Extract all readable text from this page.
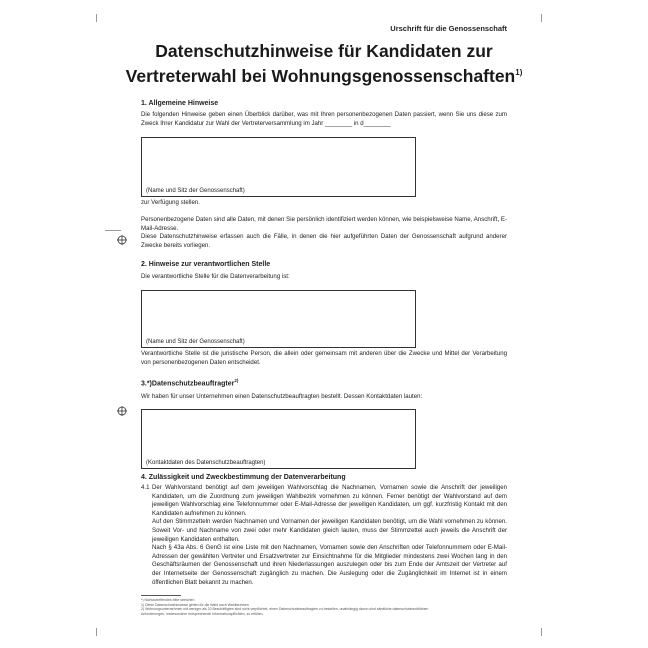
Urschrift für die Genossenschaft
Datenschutzhinweise für Kandidaten zur
Vertreterwahl bei Wohnungsgenossenschaften$^{1)}$
1. Allgemeine Hinweise
Die folgenden Hinweise geben einen Überblick darüber, was mit Ihren personenbezogenen Daten passiert, wenn Sie uns diese zum Zweck Ihrer Kandidatur zur Wahl der Vertreterversammlung im Jahr ________ in d________
(Name und Sitz der Genossenschaft)
zur Verfügung stellen.
Personenbezogene Daten sind alle Daten, mit denen Sie persönlich identifiziert werden können, wie beispielsweise Name, Anschrift, E-Mail-Adresse.
Diese Datenschutzhinweise erfassen auch die Fälle, in denen die hier aufgeführten Daten der Genossenschaft aufgrund anderer Zwecke bereits vorliegen.
2. Hinweise zur verantwortlichen Stelle
Die verantwortliche Stelle für die Datenverarbeitung ist:
(Name und Sitz der Genossenschaft)
Verantwortliche Stelle ist die juristische Person, die allein oder gemeinsam mit anderen über die Zwecke und Mittel der Verarbeitung von personenbezogenen Daten entscheidet.
3.*)Datenschutzbeauftragter$^{2)}$
Wir haben für unser Unternehmen einen Datenschutzbeauftragten bestellt. Dessen Kontaktdaten lauten:
(Kontaktdaten des Datenschutzbeauftragten)
4. Zulässigkeit und Zweckbestimmung der Datenverarbeitung
4.1 Der Wahlvorstand benötigt auf dem jeweiligen Wahlvorschlag die Nachnamen, Vornamen sowie die Anschrift der jeweiligen Kandidaten, um die Zuordnung zum jeweiligen Wahlbezirk vornehmen zu können. Ferner benötigt der Wahlvorstand auf dem jeweiligen Wahlvorschlag eine Telefonnummer oder E-Mail-Adresse der jeweiligen Kandidaten, um ggf. kurzfristig Kontakt mit den Kandidaten aufnehmen zu können.
Auf den Stimmzetteln werden Nachnamen und Vornamen der jeweiligen Kandidaten benötigt, um die Wahl vornehmen zu können. Soweit Vor- und Nachname von zwei oder mehr Kandidaten gleich lauten, muss der Stimmzettel auch jeweils die Anschrift der jeweiligen Kandidaten enthalten.
Nach § 43a Abs. 6 GenG ist eine Liste mit den Nachnamen, Vornamen sowie den Anschriften oder Telefonnummern oder E-Mail-Adressen der gewählten Vertreter und Ersatzvertreter zur Einsichtnahme für die Mitglieder mindestens zwei Wochen lang in den Geschäftsräumen der Genossenschaft und ihren Niederlassungen auszulegen oder bis zum Ende der Amtszeit der Vertreter auf der Internetseite der Genossenschaft zugänglich zu machen. Die Auslegung oder die Zugänglichkeit im Internet ist in einem öffentlichen Blatt bekannt zu machen.
*) Nichtzutreffendes bitte streichen
1) Diese Datenschutzhinweise gelten für die Wahl nach Wahlbezirken
2) Wohnungsunternehmen mit weniger als 20 Beschäftigten sind nicht verpflichtet, einen Datenschutzbeauftragten zu bestellen, unabhängig davon sind sämtliche datenschutzrechtlichen
Anforderungen, insbesondere entsprechende Informationspflichten, zu erfüllen.
